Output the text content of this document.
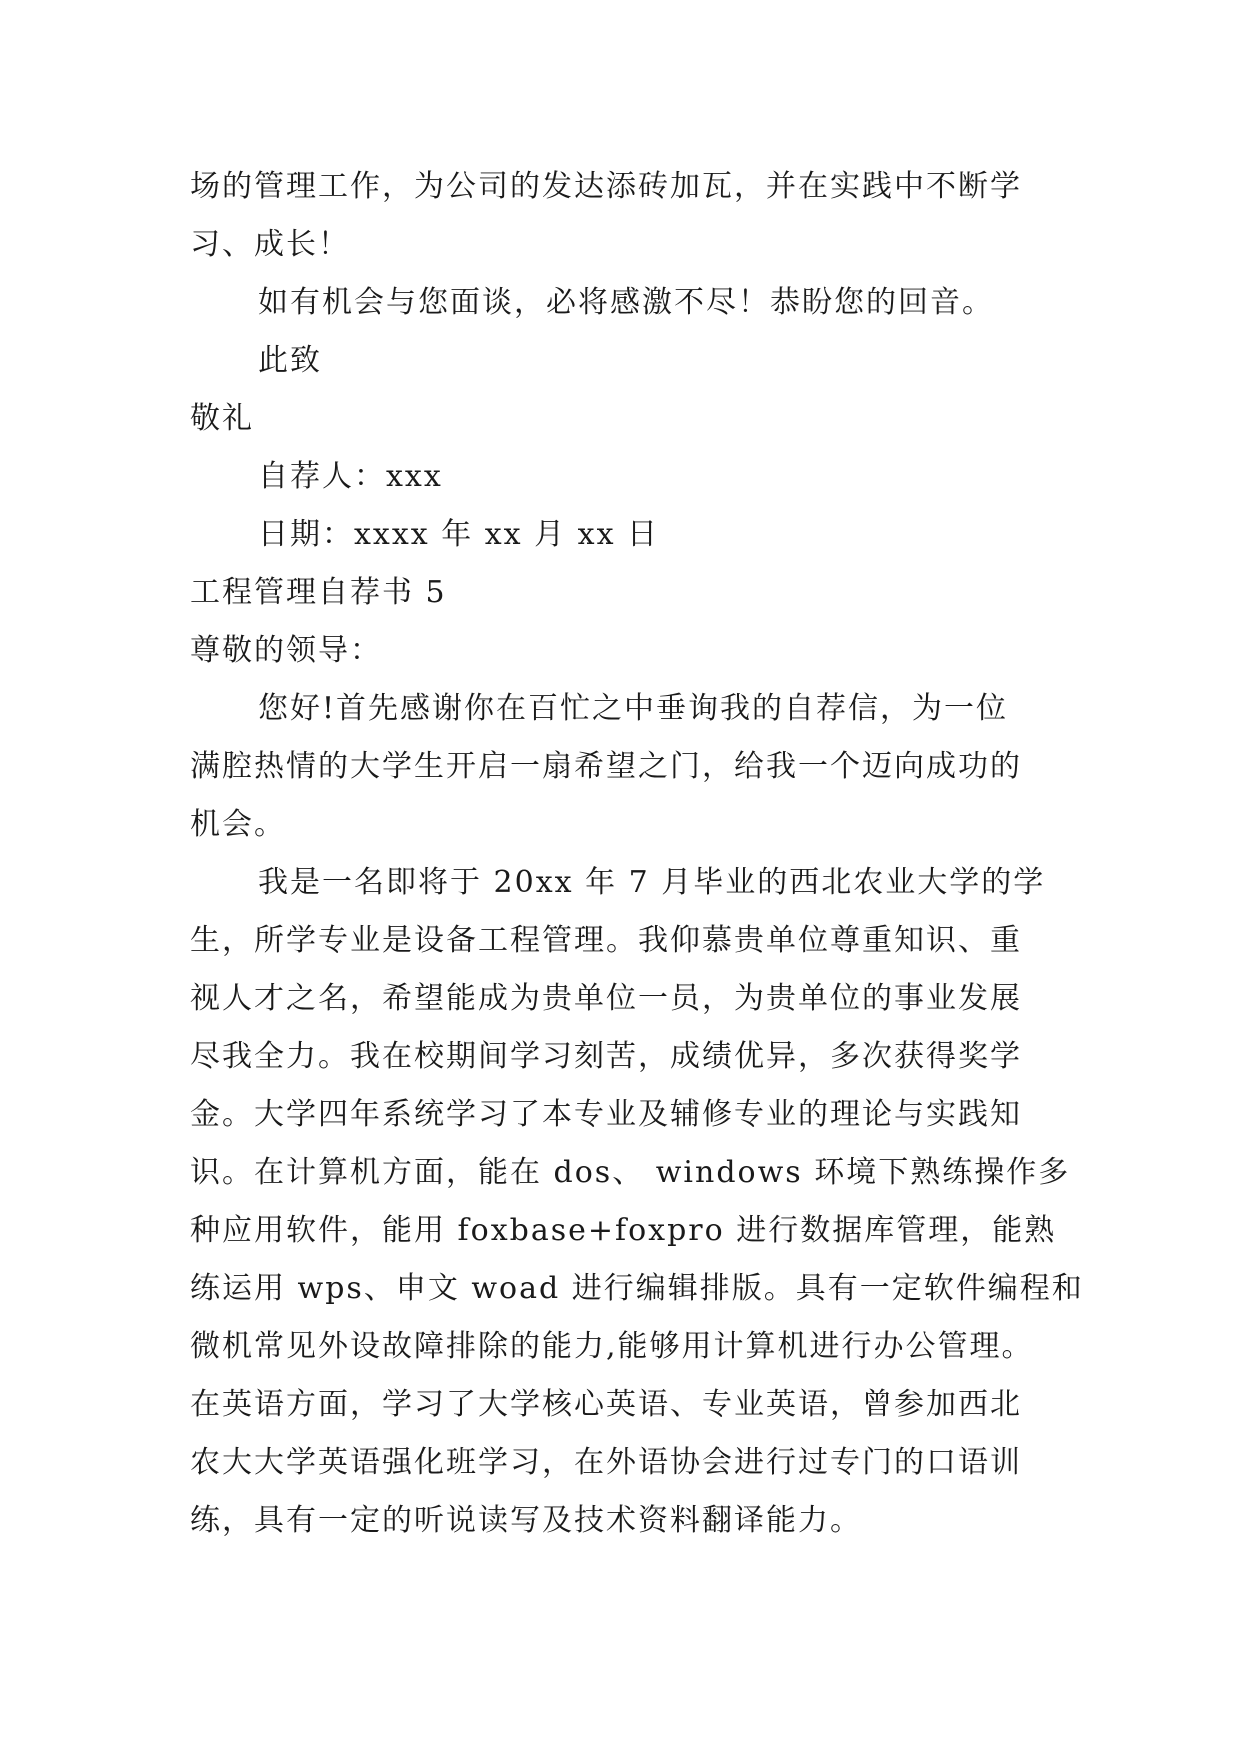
场的管理工作，为公司的发达添砖加瓦，并在实践中不断学

习、成长！

如有机会与您面谈，必将感激不尽！恭盼您的回音。

此致

敬礼

自荐人：xxx

日期：xxxx 年 xx 月 xx 日

工程管理自荐书 5

尊敬的领导：

您好!首先感谢你在百忙之中垂询我的自荐信，为一位

满腔热情的大学生开启一扇希望之门，给我一个迈向成功的

机会。

我是一名即将于 20xx 年 7 月毕业的西北农业大学的学

生，所学专业是设备工程管理。我仰慕贵单位尊重知识、重

视人才之名，希望能成为贵单位一员，为贵单位的事业发展

尽我全力。我在校期间学习刻苦，成绩优异，多次获得奖学

金。大学四年系统学习了本专业及辅修专业的理论与实践知

识。在计算机方面，能在 dos、 windows 环境下熟练操作多

种应用软件，能用 foxbase+foxpro 进行数据库管理，能熟

练运用 wps、申文 woad 进行编辑排版。具有一定软件编程和

微机常见外设故障排除的能力,能够用计算机进行办公管理。

在英语方面，学习了大学核心英语、专业英语，曾参加西北

农大大学英语强化班学习，在外语协会进行过专门的口语训

练，具有一定的听说读写及技术资料翻译能力。
